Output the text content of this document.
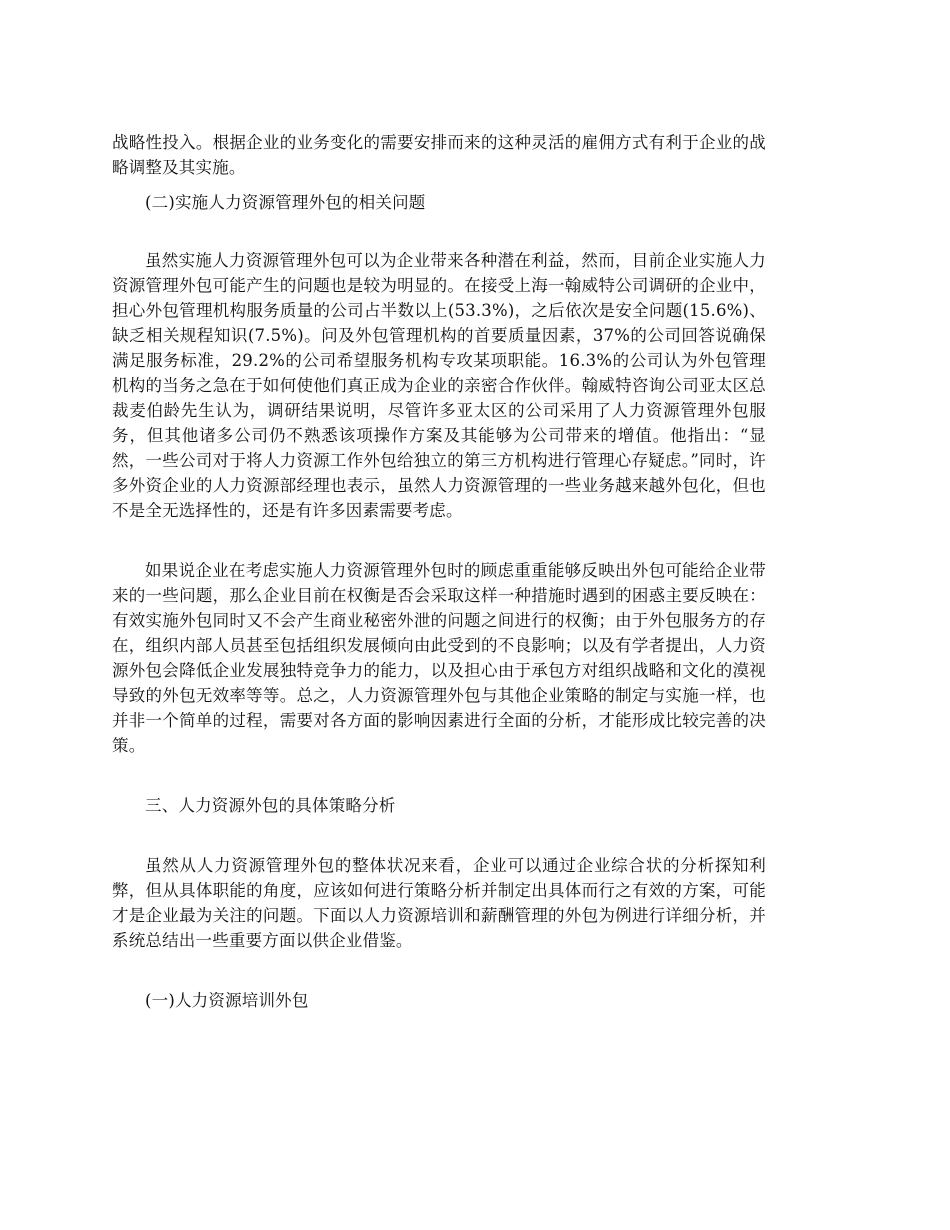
战略性投入。根据企业的业务变化的需要安排而来的这种灵活的雇佣方式有利于企业的战略调整及其实施。

(二)实施人力资源管理外包的相关问题

虽然实施人力资源管理外包可以为企业带来各种潜在利益，然而，目前企业实施人力资源管理外包可能产生的问题也是较为明显的。在接受上海一翰威特公司调研的企业中，担心外包管理机构服务质量的公司占半数以上(53.3%)，之后依次是安全问题(15.6%)、缺乏相关规程知识(7.5%)。问及外包管理机构的首要质量因素，37%的公司回答说确保满足服务标准，29.2%的公司希望服务机构专攻某项职能。16.3%的公司认为外包管理机构的当务之急在于如何使他们真正成为企业的亲密合作伙伴。翰威特咨询公司亚太区总裁麦伯龄先生认为，调研结果说明，尽管许多亚太区的公司采用了人力资源管理外包服务，但其他诸多公司仍不熟悉该项操作方案及其能够为公司带来的增值。他指出：“显然，一些公司对于将人力资源工作外包给独立的第三方机构进行管理心存疑虑。”同时，许多外资企业的人力资源部经理也表示，虽然人力资源管理的一些业务越来越外包化，但也不是全无选择性的，还是有许多因素需要考虑。

如果说企业在考虑实施人力资源管理外包时的顾虑重重能够反映出外包可能给企业带来的一些问题，那么企业目前在权衡是否会采取这样一种措施时遇到的困惑主要反映在：有效实施外包同时又不会产生商业秘密外泄的问题之间进行的权衡；由于外包服务方的存在，组织内部人员甚至包括组织发展倾向由此受到的不良影响；以及有学者提出，人力资源外包会降低企业发展独特竞争力的能力，以及担心由于承包方对组织战略和文化的漠视导致的外包无效率等等。总之，人力资源管理外包与其他企业策略的制定与实施一样，也并非一个简单的过程，需要对各方面的影响因素进行全面的分析，才能形成比较完善的决策。

三、人力资源外包的具体策略分析

虽然从人力资源管理外包的整体状况来看，企业可以通过企业综合状的分析探知利弊，但从具体职能的角度，应该如何进行策略分析并制定出具体而行之有效的方案，可能才是企业最为关注的问题。下面以人力资源培训和薪酬管理的外包为例进行详细分析，并系统总结出一些重要方面以供企业借鉴。

(一)人力资源培训外包
